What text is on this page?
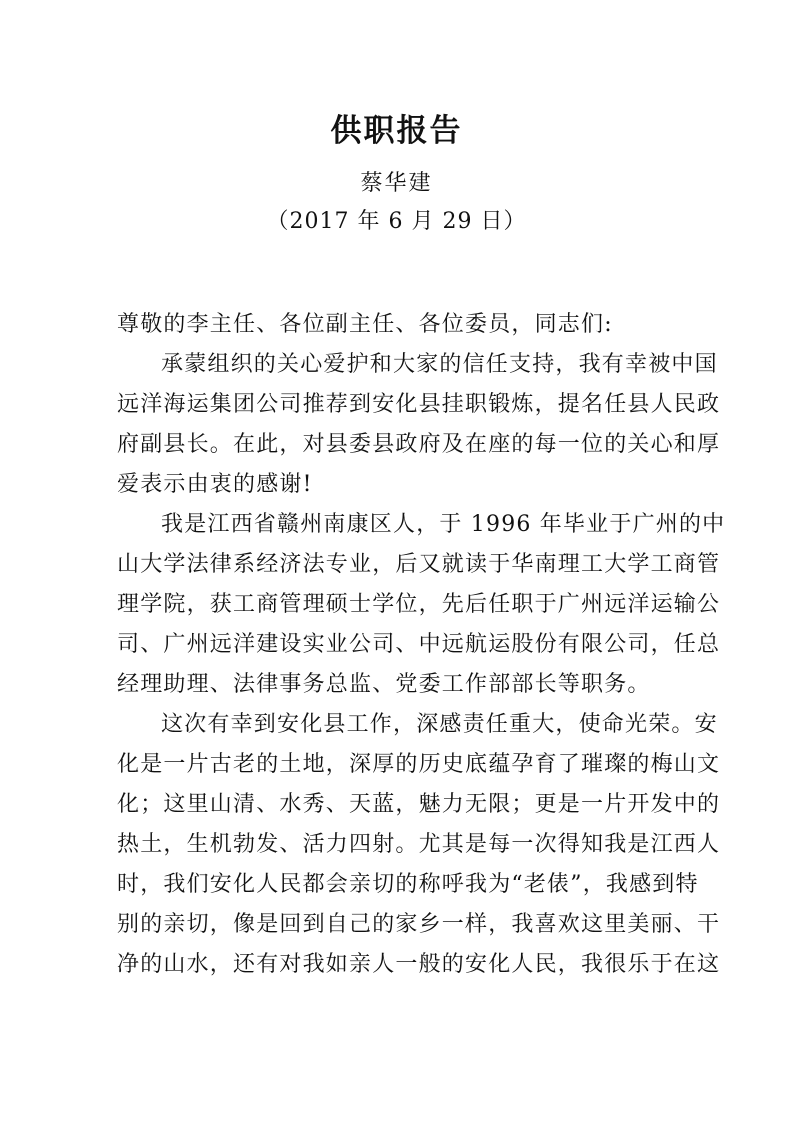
供职报告
蔡华建
（2017 年 6 月 29 日）
尊敬的李主任、各位副主任、各位委员，同志们:
承蒙组织的关心爱护和大家的信任支持，我有幸被中国
远洋海运集团公司推荐到安化县挂职锻炼，提名任县人民政
府副县长。在此，对县委县政府及在座的每一位的关心和厚
爱表示由衷的感谢!
我是江西省赣州南康区人，于 1996 年毕业于广州的中
山大学法律系经济法专业，后又就读于华南理工大学工商管
理学院，获工商管理硕士学位，先后任职于广州远洋运输公
司、广州远洋建设实业公司、中远航运股份有限公司，任总
经理助理、法律事务总监、党委工作部部长等职务。
这次有幸到安化县工作，深感责任重大，使命光荣。安
化是一片古老的土地，深厚的历史底蕴孕育了璀璨的梅山文
化；这里山清、水秀、天蓝，魅力无限；更是一片开发中的
热土，生机勃发、活力四射。尤其是每一次得知我是江西人
时，我们安化人民都会亲切的称呼我为“老俵”，我感到特
别的亲切，像是回到自己的家乡一样，我喜欢这里美丽、干
净的山水，还有对我如亲人一般的安化人民，我很乐于在这
